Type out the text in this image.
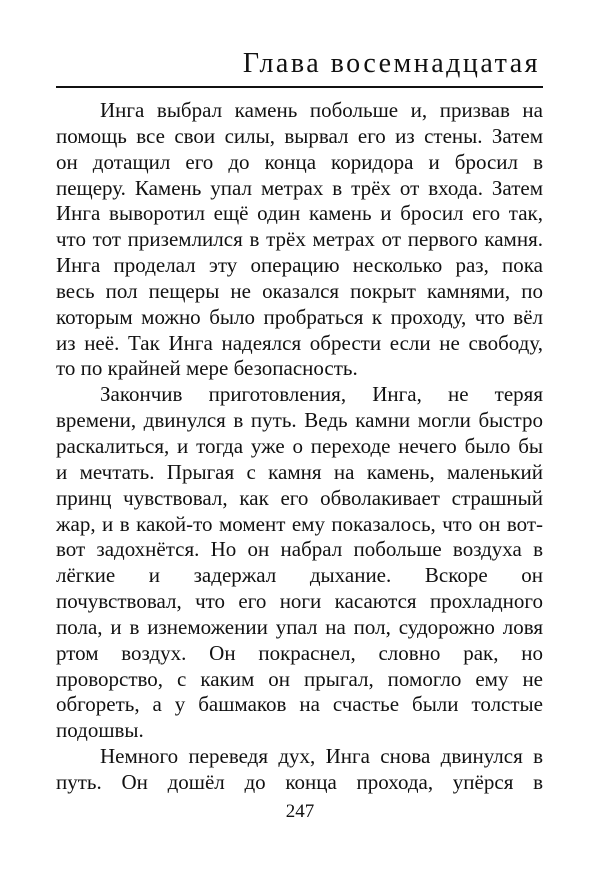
Глава восемнадцатая
Инга выбрал камень побольше и, призвав на
помощь все свои силы, вырвал его из стены. Затем
он дотащил его до конца коридора и бросил в
пещеру. Камень упал метрах в трёх от входа. Затем
Инга выворотил ещё один камень и бросил его так,
что тот приземлился в трёх метрах от первого камня.
Инга проделал эту операцию несколько раз, пока
весь пол пещеры не оказался покрыт камнями, по
которым можно было пробраться к проходу, что вёл
из неё. Так Инга надеялся обрести если не свободу,
то по крайней мере безопасность.
Закончив приготовления, Инга, не теряя
времени, двинулся в путь. Ведь камни могли быстро
раскалиться, и тогда уже о переходе нечего было бы
и мечтать. Прыгая с камня на камень, маленький
принц чувствовал, как его обволакивает страшный
жар, и в какой-то момент ему показалось, что он вот-
вот задохнётся. Но он набрал побольше воздуха в
лёгкие и задержал дыхание. Вскоре он
почувствовал, что его ноги касаются прохладного
пола, и в изнеможении упал на пол, судорожно ловя
ртом воздух. Он покраснел, словно рак, но
проворство, с каким он прыгал, помогло ему не
обгореть, а у башмаков на счастье были толстые
подошвы.
Немного переведя дух, Инга снова двинулся в
путь. Он дошёл до конца прохода, упёрся в
247
